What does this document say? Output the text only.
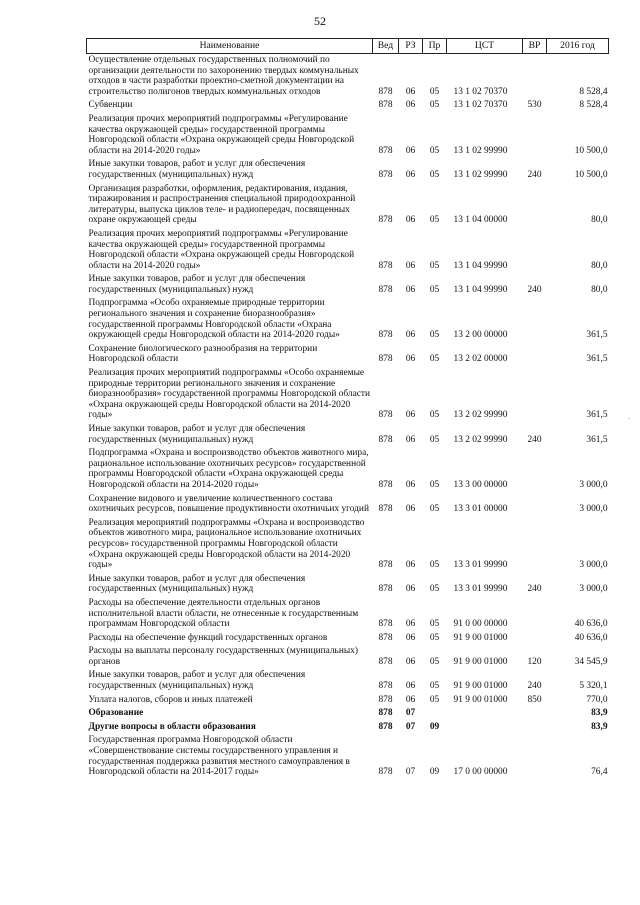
52
Наименование	Вед	РЗ	Пр	ЦСТ	ВР	2016 год
Осуществление отдельных государственных полномочий по организации деятельности по захоронению твердых коммунальных отходов в части разработки проектно-сметной документации на строительство полигонов твердых коммунальных отходов	878	06	05	13 1 02 70370		8 528,4
Субвенции	878	06	05	13 1 02 70370	530	8 528,4
Реализация прочих мероприятий подпрограммы «Регулирование качества окружающей среды» государственной программы Новгородской области «Охрана окружающей среды Новгородской области на 2014-2020 годы»	878	06	05	13 1 02 99990		10 500,0
Иные закупки товаров, работ и услуг для обеспечения государственных (муниципальных) нужд	878	06	05	13 1 02 99990	240	10 500,0
Организация разработки, оформления, редактирования, издания, тиражирования и распространения специальной природоохранной литературы, выпуска циклов теле- и радиопередач, посвященных охране окружающей среды	878	06	05	13 1 04 00000		80,0
Реализация прочих мероприятий подпрограммы «Регулирование качества окружающей среды» государственной программы Новгородской области «Охрана окружающей среды Новгородской области на 2014-2020 годы»	878	06	05	13 1 04 99990		80,0
Иные закупки товаров, работ и услуг для обеспечения государственных (муниципальных) нужд	878	06	05	13 1 04 99990	240	80,0
Подпрограмма «Особо охраняемые природные территории регионального значения и сохранение биоразнообразия» государственной программы Новгородской области «Охрана окружающей среды Новгородской области на 2014-2020 годы»	878	06	05	13 2 00 00000		361,5
Сохранение биологического разнообразия на территории Новгородской области	878	06	05	13 2 02 00000		361,5
Реализация прочих мероприятий подпрограммы «Особо охраняемые природные территории регионального значения и сохранение биоразнообразия» государственной программы Новгородской области «Охрана окружающей среды Новгородской области на 2014-2020 годы»	878	06	05	13 2 02 99990		361,5
Иные закупки товаров, работ и услуг для обеспечения государственных (муниципальных) нужд	878	06	05	13 2 02 99990	240	361,5
Подпрограмма «Охрана и воспроизводство объектов животного мира, рациональное использование охотничьих ресурсов» государственной программы Новгородской области «Охрана окружающей среды Новгородской области на 2014-2020 годы»	878	06	05	13 3 00 00000		3 000,0
Сохранение видового и увеличение количественного состава охотничьих ресурсов, повышение продуктивности охотничьих угодий	878	06	05	13 3 01 00000		3 000,0
Реализация мероприятий подпрограммы «Охрана и воспроизводство объектов животного мира, рациональное использование охотничьих ресурсов» государственной программы Новгородской области «Охрана окружающей среды Новгородской области на 2014-2020 годы»	878	06	05	13 3 01 99990		3 000,0
Иные закупки товаров, работ и услуг для обеспечения государственных (муниципальных) нужд	878	06	05	13 3 01 99990	240	3 000,0
Расходы на обеспечение деятельности отдельных органов исполнительной власти области, не отнесенные к государственным программам Новгородской области	878	06	05	91 0 00 00000		40 636,0
Расходы на обеспечение функций государственных органов	878	06	05	91 9 00 01000		40 636,0
Расходы на выплаты персоналу государственных (муниципальных) органов	878	06	05	91 9 00 01000	120	34 545,9
Иные закупки товаров, работ и услуг для обеспечения государственных (муниципальных) нужд	878	06	05	91 9 00 01000	240	5 320,1
Уплата налогов, сборов и иных платежей	878	06	05	91 9 00 01000	850	770,0
Образование	878	07				83,9
Другие вопросы в области образования	878	07	09			83,9
Государственная программа Новгородской области «Совершенствование системы государственного управления и государственная поддержка развития местного самоуправления в Новгородской области на 2014-2017 годы»	878	07	09	17 0 00 00000		76,4
.
